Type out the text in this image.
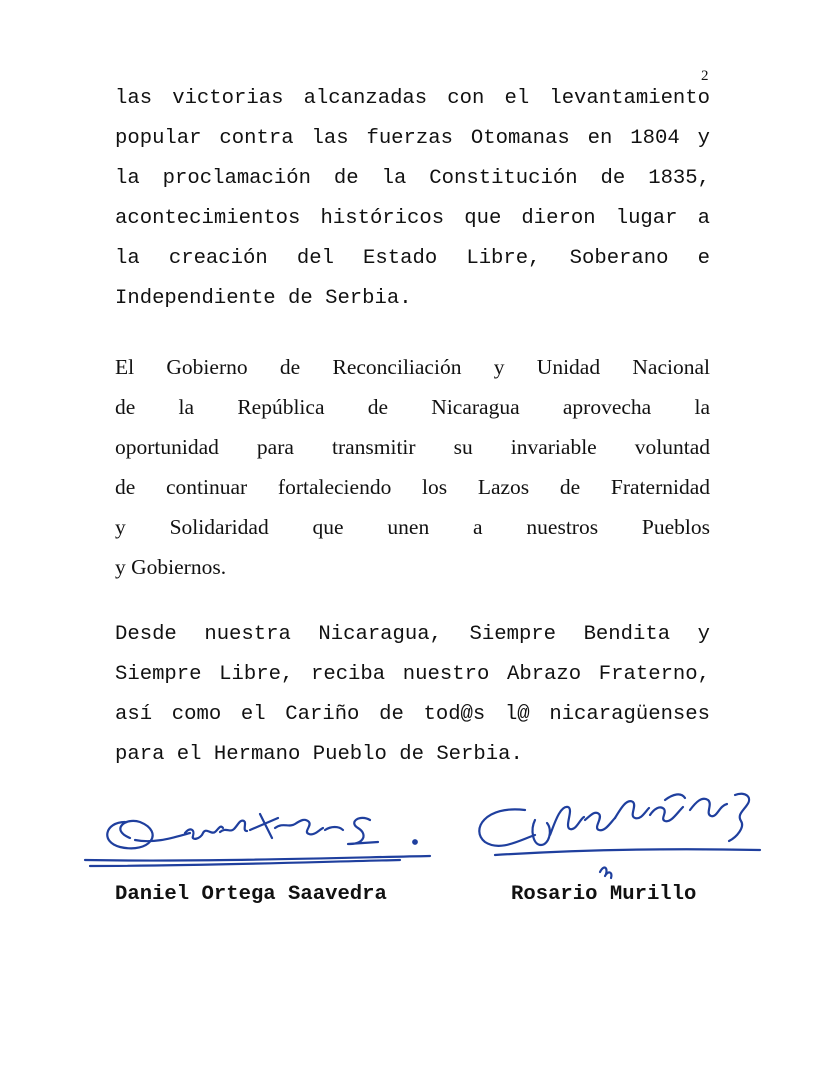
2

las victorias alcanzadas con el levantamiento
popular contra las fuerzas Otomanas en 1804 y
la proclamación de la Constitución de 1835,
acontecimientos históricos que dieron lugar a
la creación del Estado Libre, Soberano e
Independiente de Serbia.

El Gobierno de Reconciliación y Unidad Nacional
de la República de Nicaragua aprovecha la
oportunidad para transmitir su invariable voluntad
de continuar fortaleciendo los Lazos de Fraternidad
y Solidaridad que unen a nuestros Pueblos
y Gobiernos.

Desde nuestra Nicaragua, Siempre Bendita y
Siempre Libre, reciba nuestro Abrazo Fraterno,
así como el Cariño de tod@s l@ nicaragüenses
para el Hermano Pueblo de Serbia.

Daniel Ortega Saavedra	Rosario Murillo
